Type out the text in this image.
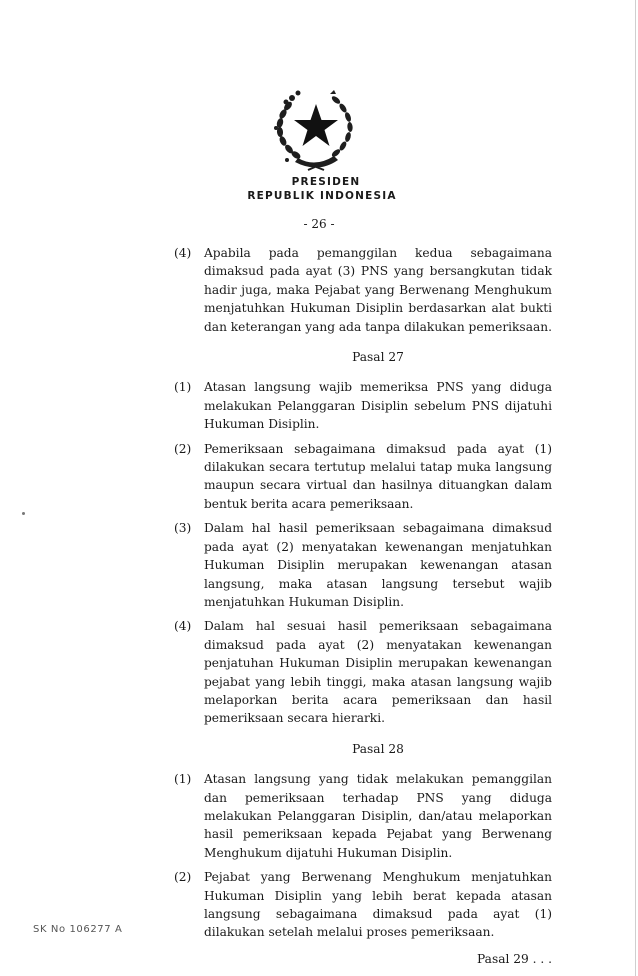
PRESIDEN
REPUBLIK INDONESIA
- 26 -
(4)	Apabila pada pemanggilan kedua sebagaimana dimaksud pada ayat (3) PNS yang bersangkutan tidak hadir juga, maka Pejabat yang Berwenang Menghukum menjatuhkan Hukuman Disiplin berdasarkan alat bukti dan keterangan yang ada tanpa dilakukan pemeriksaan.
Pasal 27
(1)	Atasan langsung wajib memeriksa PNS yang diduga melakukan Pelanggaran Disiplin sebelum PNS dijatuhi Hukuman Disiplin.
(2)	Pemeriksaan sebagaimana dimaksud pada ayat (1) dilakukan secara tertutup melalui tatap muka langsung maupun secara virtual dan hasilnya dituangkan dalam bentuk berita acara pemeriksaan.
(3)	Dalam hal hasil pemeriksaan sebagaimana dimaksud pada ayat (2) menyatakan kewenangan menjatuhkan Hukuman Disiplin merupakan kewenangan atasan langsung, maka atasan langsung tersebut wajib menjatuhkan Hukuman Disiplin.
(4)	Dalam hal sesuai hasil pemeriksaan sebagaimana dimaksud pada ayat (2) menyatakan kewenangan penjatuhan Hukuman Disiplin merupakan kewenangan pejabat yang lebih tinggi, maka atasan langsung wajib melaporkan berita acara pemeriksaan dan hasil pemeriksaan secara hierarki.
Pasal 28
(1)	Atasan langsung yang tidak melakukan pemanggilan dan pemeriksaan terhadap PNS yang diduga melakukan Pelanggaran Disiplin, dan/atau melaporkan hasil pemeriksaan kepada Pejabat yang Berwenang Menghukum dijatuhi Hukuman Disiplin.
(2)	Pejabat yang Berwenang Menghukum menjatuhkan Hukuman Disiplin yang lebih berat kepada atasan langsung sebagaimana dimaksud pada ayat (1) dilakukan setelah melalui proses pemeriksaan.
Pasal 29 . . .
SK No 106277 A
